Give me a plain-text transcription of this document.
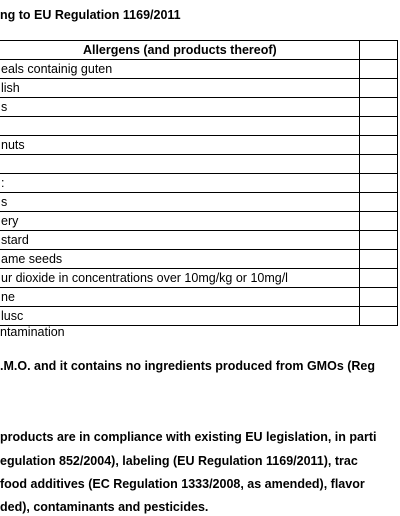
ng to EU Regulation 1169/2011
Allergens (and products thereof)	
eals containig guten	
lish	
s	

nuts	

:	
s	
ery	
stard	
ame seeds	
ur dioxide in concentrations over 10mg/kg or 10mg/l	
ne	
lusc	
ntamination
.M.O. and it contains no ingredients produced from GMOs (Reg
products are in compliance with existing EU legislation, in parti
egulation 852/2004), labeling (EU Regulation 1169/2011), trac
food additives (EC Regulation 1333/2008, as amended), flavor
ded), contaminants and pesticides.
